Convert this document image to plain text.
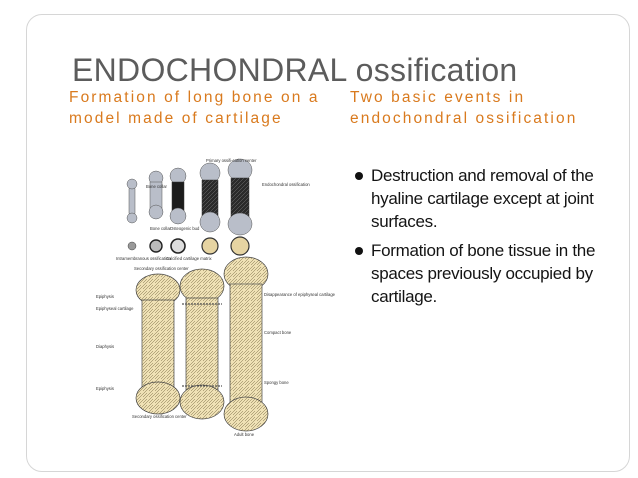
ENDOCHONDRAL ossification
Formation of long bone on a model made of cartilage
Two basic events in endochondral ossification
Destruction and removal of the hyaline cartilage except at joint surfaces.
Formation of bone tissue in the spaces previously occupied by cartilage.
Bone collar
Primary ossifi-cation center
Endochondral ossification
Bone collar Osteogenic bud
Intramembranous ossification
Calcified cartilage matrix
Secondary ossification center
Epiphysis
Epiphyseal cartilage
Diaphysis
Epiphysis
Secondary ossification center
Disappearance of epiphyseal cartilage
Compact bone
Spongy bone
Adult bone
